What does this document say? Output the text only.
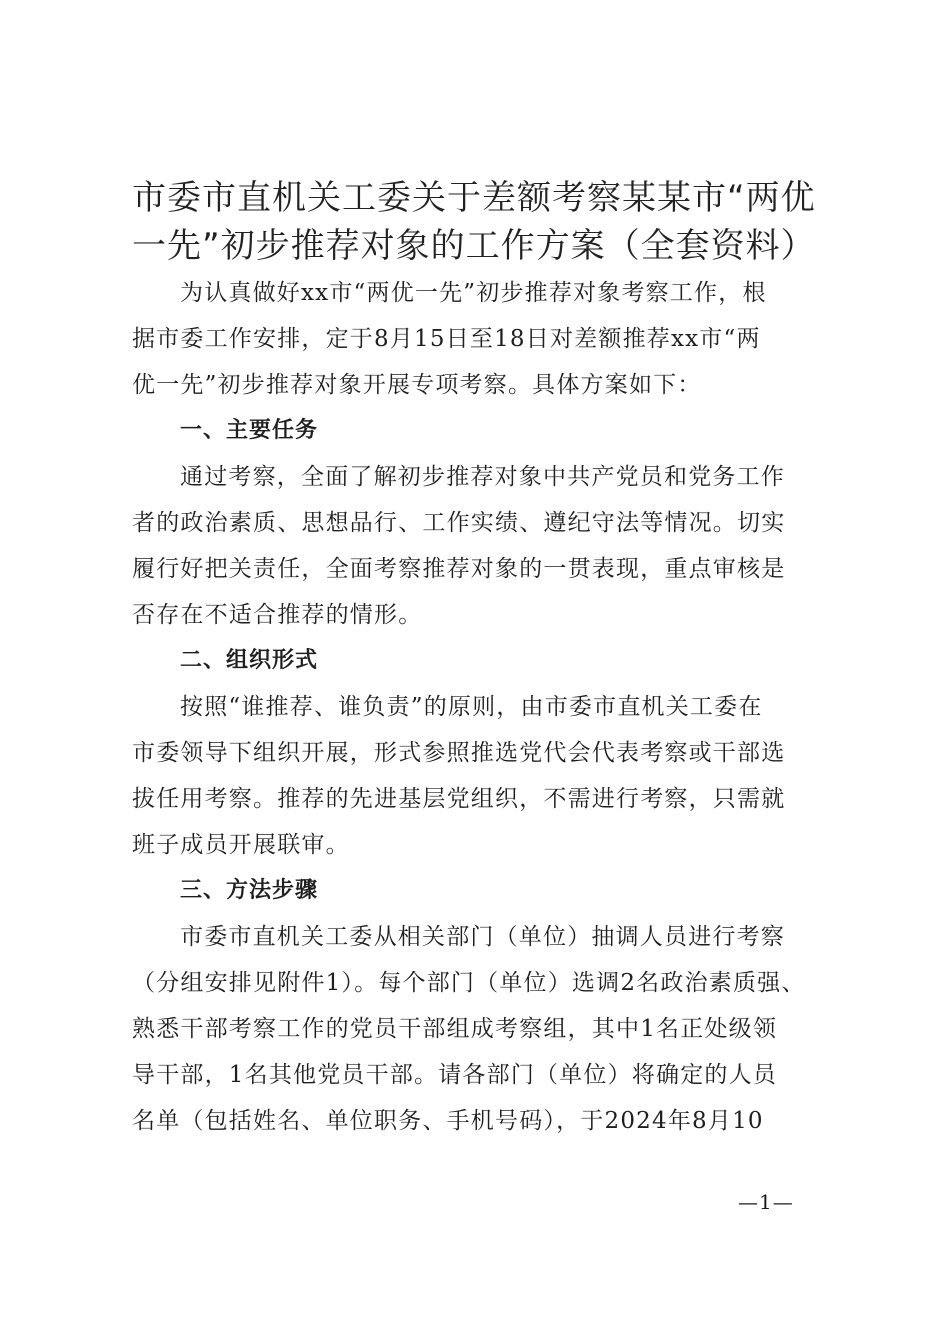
市委市直机关工委关于差额考察某某市“两优
一先”初步推荐对象的工作方案（全套资料）
为认真做好xx市“两优一先”初步推荐对象考察工作，根
据市委工作安排，定于8月15日至18日对差额推荐xx市“两
优一先”初步推荐对象开展专项考察。具体方案如下：
一、主要任务
通过考察，全面了解初步推荐对象中共产党员和党务工作
者的政治素质、思想品行、工作实绩、遵纪守法等情况。切实
履行好把关责任，全面考察推荐对象的一贯表现，重点审核是
否存在不适合推荐的情形。
二、组织形式
按照“谁推荐、谁负责”的原则，由市委市直机关工委在
市委领导下组织开展，形式参照推选党代会代表考察或干部选
拔任用考察。推荐的先进基层党组织，不需进行考察，只需就
班子成员开展联审。
三、方法步骤
市委市直机关工委从相关部门（单位）抽调人员进行考察
（分组安排见附件1）。每个部门（单位）选调2名政治素质强、
熟悉干部考察工作的党员干部组成考察组，其中1名正处级领
导干部，1名其他党员干部。请各部门（单位）将确定的人员
名单（包括姓名、单位职务、手机号码），于2024年8月10
—1—
